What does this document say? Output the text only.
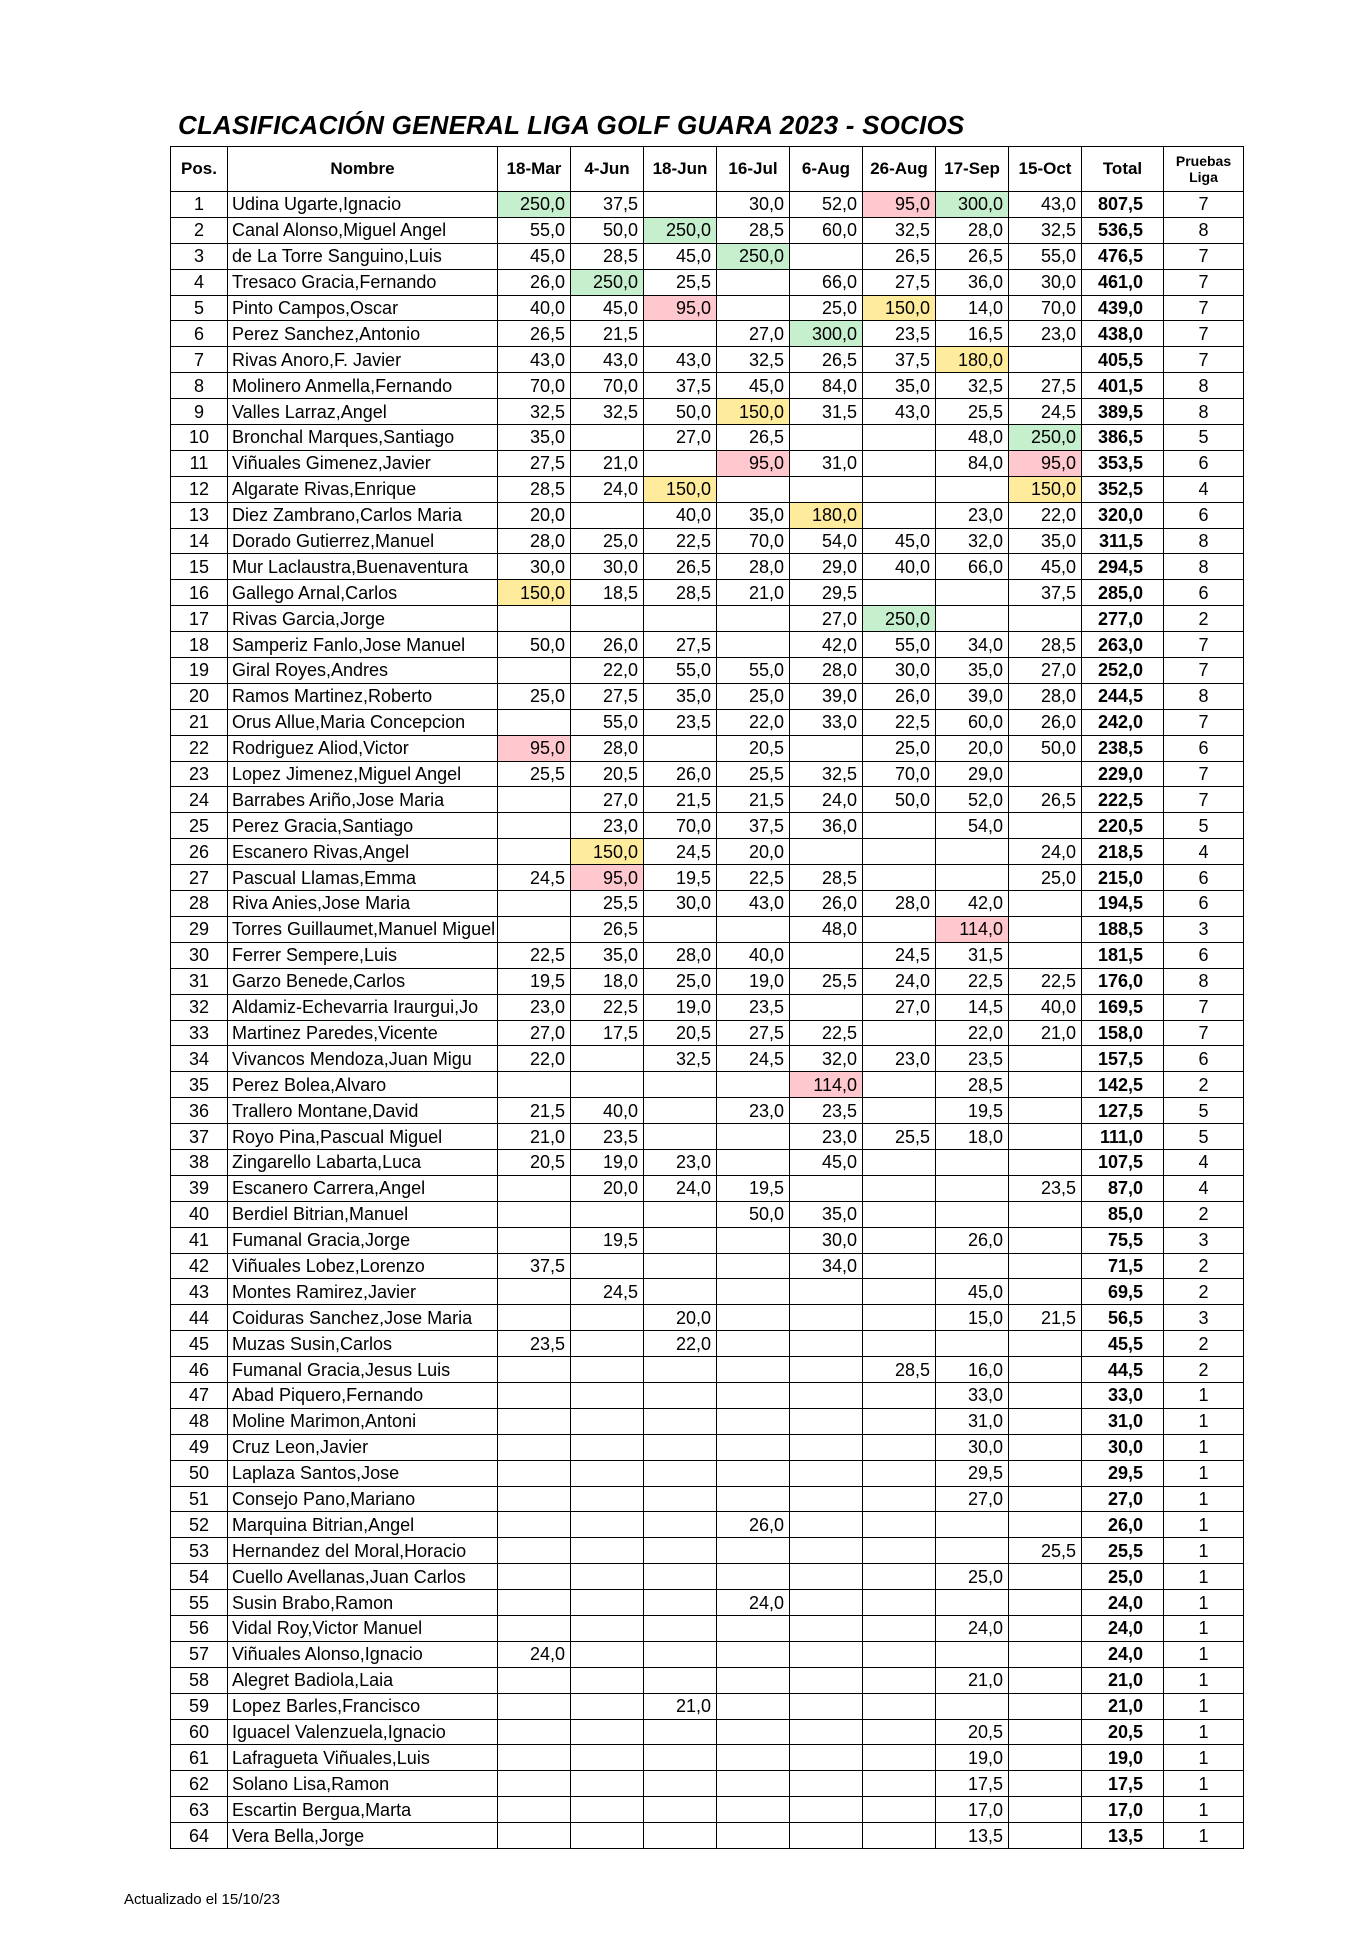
CLASIFICACIÓN GENERAL LIGA GOLF GUARA 2023 - SOCIOS
Pos.	Nombre	18-Mar	4-Jun	18-Jun	16-Jul	6-Aug	26-Aug	17-Sep	15-Oct	Total	Pruebas
Liga
1	Udina Ugarte,Ignacio	250,0	37,5		30,0	52,0	95,0	300,0	43,0	807,5	7
2	Canal Alonso,Miguel Angel	55,0	50,0	250,0	28,5	60,0	32,5	28,0	32,5	536,5	8
3	de La Torre Sanguino,Luis	45,0	28,5	45,0	250,0		26,5	26,5	55,0	476,5	7
4	Tresaco Gracia,Fernando	26,0	250,0	25,5		66,0	27,5	36,0	30,0	461,0	7
5	Pinto Campos,Oscar	40,0	45,0	95,0		25,0	150,0	14,0	70,0	439,0	7
6	Perez Sanchez,Antonio	26,5	21,5		27,0	300,0	23,5	16,5	23,0	438,0	7
7	Rivas Anoro,F. Javier	43,0	43,0	43,0	32,5	26,5	37,5	180,0		405,5	7
8	Molinero Anmella,Fernando	70,0	70,0	37,5	45,0	84,0	35,0	32,5	27,5	401,5	8
9	Valles Larraz,Angel	32,5	32,5	50,0	150,0	31,5	43,0	25,5	24,5	389,5	8
10	Bronchal Marques,Santiago	35,0		27,0	26,5			48,0	250,0	386,5	5
11	Viñuales Gimenez,Javier	27,5	21,0		95,0	31,0		84,0	95,0	353,5	6
12	Algarate Rivas,Enrique	28,5	24,0	150,0					150,0	352,5	4
13	Diez Zambrano,Carlos Maria	20,0		40,0	35,0	180,0		23,0	22,0	320,0	6
14	Dorado Gutierrez,Manuel	28,0	25,0	22,5	70,0	54,0	45,0	32,0	35,0	311,5	8
15	Mur Laclaustra,Buenaventura	30,0	30,0	26,5	28,0	29,0	40,0	66,0	45,0	294,5	8
16	Gallego Arnal,Carlos	150,0	18,5	28,5	21,0	29,5			37,5	285,0	6
17	Rivas Garcia,Jorge					27,0	250,0			277,0	2
18	Samperiz Fanlo,Jose Manuel	50,0	26,0	27,5		42,0	55,0	34,0	28,5	263,0	7
19	Giral Royes,Andres		22,0	55,0	55,0	28,0	30,0	35,0	27,0	252,0	7
20	Ramos Martinez,Roberto	25,0	27,5	35,0	25,0	39,0	26,0	39,0	28,0	244,5	8
21	Orus Allue,Maria Concepcion		55,0	23,5	22,0	33,0	22,5	60,0	26,0	242,0	7
22	Rodriguez Aliod,Victor	95,0	28,0		20,5		25,0	20,0	50,0	238,5	6
23	Lopez Jimenez,Miguel Angel	25,5	20,5	26,0	25,5	32,5	70,0	29,0		229,0	7
24	Barrabes Ariño,Jose Maria		27,0	21,5	21,5	24,0	50,0	52,0	26,5	222,5	7
25	Perez Gracia,Santiago		23,0	70,0	37,5	36,0		54,0		220,5	5
26	Escanero Rivas,Angel		150,0	24,5	20,0				24,0	218,5	4
27	Pascual Llamas,Emma	24,5	95,0	19,5	22,5	28,5			25,0	215,0	6
28	Riva Anies,Jose Maria		25,5	30,0	43,0	26,0	28,0	42,0		194,5	6
29	Torres Guillaumet,Manuel Miguel		26,5			48,0		114,0		188,5	3
30	Ferrer Sempere,Luis	22,5	35,0	28,0	40,0		24,5	31,5		181,5	6
31	Garzo Benede,Carlos	19,5	18,0	25,0	19,0	25,5	24,0	22,5	22,5	176,0	8
32	Aldamiz-Echevarria Iraurgui,Jo	23,0	22,5	19,0	23,5		27,0	14,5	40,0	169,5	7
33	Martinez Paredes,Vicente	27,0	17,5	20,5	27,5	22,5		22,0	21,0	158,0	7
34	Vivancos Mendoza,Juan Migu	22,0		32,5	24,5	32,0	23,0	23,5		157,5	6
35	Perez Bolea,Alvaro					114,0		28,5		142,5	2
36	Trallero Montane,David	21,5	40,0		23,0	23,5		19,5		127,5	5
37	Royo Pina,Pascual Miguel	21,0	23,5			23,0	25,5	18,0		111,0	5
38	Zingarello Labarta,Luca	20,5	19,0	23,0		45,0				107,5	4
39	Escanero Carrera,Angel		20,0	24,0	19,5				23,5	87,0	4
40	Berdiel Bitrian,Manuel				50,0	35,0				85,0	2
41	Fumanal Gracia,Jorge		19,5			30,0		26,0		75,5	3
42	Viñuales Lobez,Lorenzo	37,5				34,0				71,5	2
43	Montes Ramirez,Javier		24,5					45,0		69,5	2
44	Coiduras Sanchez,Jose Maria			20,0				15,0	21,5	56,5	3
45	Muzas Susin,Carlos	23,5		22,0						45,5	2
46	Fumanal Gracia,Jesus Luis						28,5	16,0		44,5	2
47	Abad Piquero,Fernando							33,0		33,0	1
48	Moline Marimon,Antoni							31,0		31,0	1
49	Cruz Leon,Javier							30,0		30,0	1
50	Laplaza Santos,Jose							29,5		29,5	1
51	Consejo Pano,Mariano							27,0		27,0	1
52	Marquina Bitrian,Angel				26,0					26,0	1
53	Hernandez del Moral,Horacio								25,5	25,5	1
54	Cuello Avellanas,Juan Carlos							25,0		25,0	1
55	Susin Brabo,Ramon				24,0					24,0	1
56	Vidal Roy,Victor Manuel							24,0		24,0	1
57	Viñuales Alonso,Ignacio	24,0								24,0	1
58	Alegret Badiola,Laia							21,0		21,0	1
59	Lopez Barles,Francisco			21,0						21,0	1
60	Iguacel Valenzuela,Ignacio							20,5		20,5	1
61	Lafragueta Viñuales,Luis							19,0		19,0	1
62	Solano Lisa,Ramon							17,5		17,5	1
63	Escartin Bergua,Marta							17,0		17,0	1
64	Vera Bella,Jorge							13,5		13,5	1
Actualizado el 15/10/23
